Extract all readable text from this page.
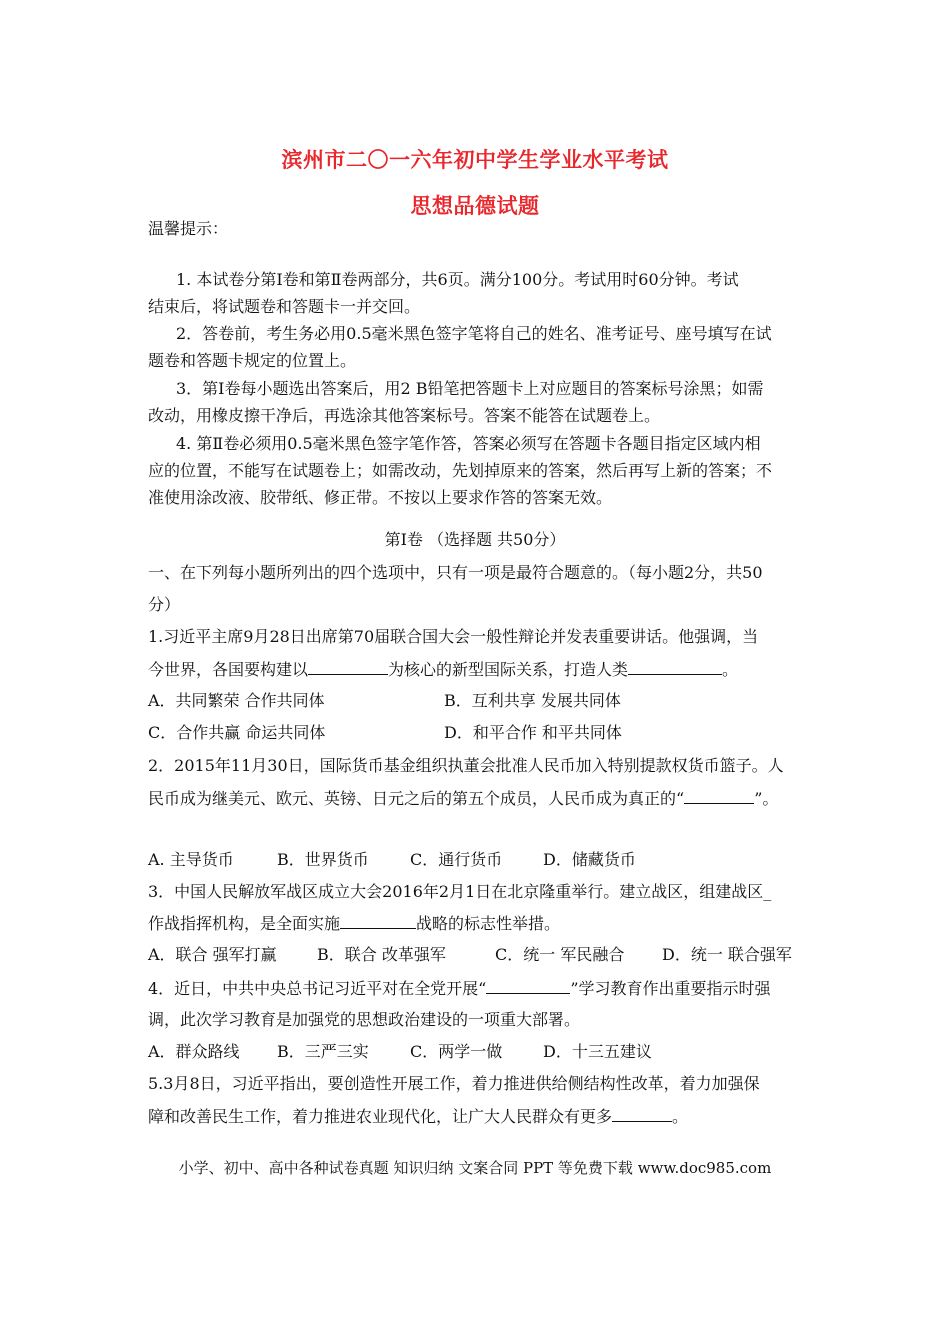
滨州市二〇一六年初中学生学业水平考试
思想品德试题
温馨提示：
1. 本试卷分第Ⅰ卷和第Ⅱ卷两部分，共6页。满分100分。考试用时60分钟。考试
结束后，将试题卷和答题卡一并交回。
2．答卷前，考生务必用0.5毫米黑色签字笔将自己的姓名、准考证号、座号填写在试
题卷和答题卡规定的位置上。
3．第Ⅰ卷每小题选出答案后，用2 B铅笔把答题卡上对应题目的答案标号涂黑；如需
改动，用橡皮擦干净后，再选涂其他答案标号。答案不能答在试题卷上。
4. 第Ⅱ卷必须用0.5毫米黑色签字笔作答，答案必须写在答题卡各题目指定区域内相
应的位置，不能写在试题卷上；如需改动，先划掉原来的答案，然后再写上新的答案；不
准使用涂改液、胶带纸、修正带。不按以上要求作答的答案无效。
第Ⅰ卷 （选择题 共50分）
一、在下列每小题所列出的四个选项中，只有一项是最符合题意的。（每小题2分，共50
分）
1.习近平主席9月28日出席第70届联合国大会一般性辩论并发表重要讲话。他强调，当
今世界，各国要构建以	为核心的新型国际关系，打造人类	。
A．共同繁荣 合作共同体	B．互利共享 发展共同体
C．合作共赢 命运共同体	D．和平合作 和平共同体
2．2015年11月30日，国际货币基金组织执董会批准人民币加入特别提款权货币篮子。人
民币成为继美元、欧元、英镑、日元之后的第五个成员，人民币成为真正的“	”。
A. 主导货币	B．世界货币	C．通行货币	D．储藏货币
3．中国人民解放军战区成立大会2016年2月1日在北京隆重举行。建立战区，组建战区_
作战指挥机构，是全面实施	战略的标志性举措。
A．联合 强军打赢	B．联合 改革强军	C．统一 军民融合 D．统一 联合强军
4．近日，中共中央总书记习近平对在全党开展“	”学习教育作出重要指示时强
调，此次学习教育是加强党的思想政治建设的一项重大部署。
A．群众路线 B．三严三实	C．两学一做	D．十三五建议
5.3月8日，习近平指出，要创造性开展工作，着力推进供给侧结构性改革，着力加强保
障和改善民生工作，着力推进农业现代化，让广大人民群众有更多	。
小学、初中、高中各种试卷真题 知识归纳 文案合同 PPT 等免费下载 www.doc985.com
